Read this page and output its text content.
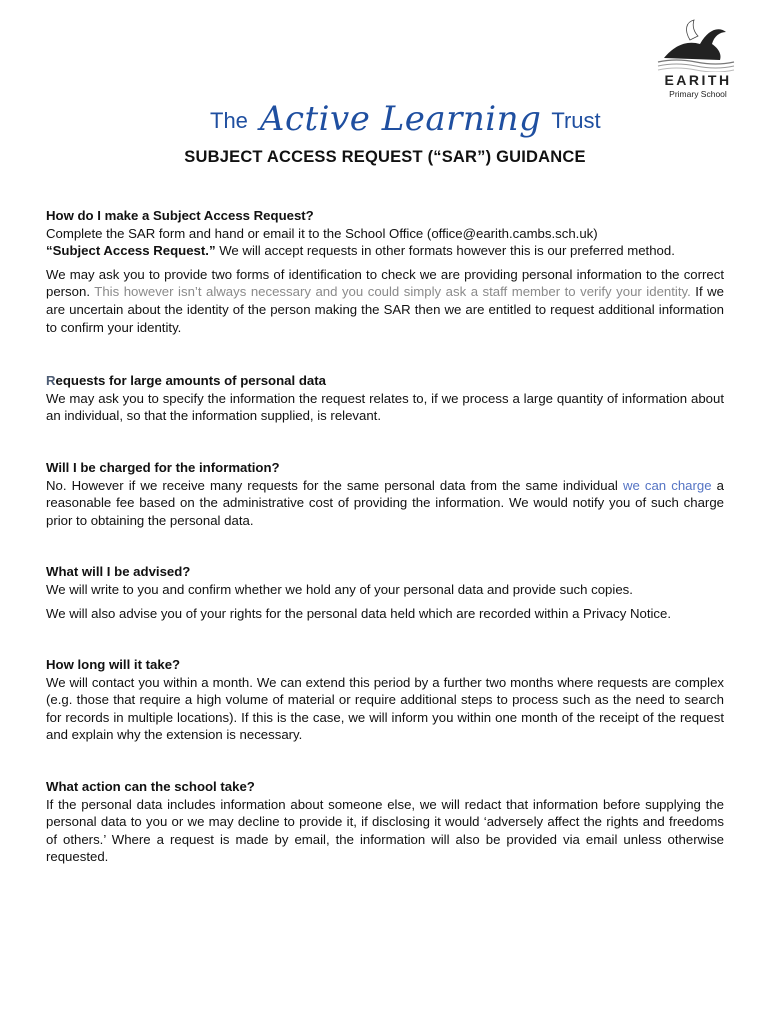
EARITH
Primary School
The Active Learning Trust
SUBJECT ACCESS REQUEST (“SAR”) GUIDANCE
How do I make a Subject Access Request?

Complete the SAR form and hand or email it to the School Office (office@earith.cambs.sch.uk)
“Subject Access Request.” We will accept requests in other formats however this is our preferred method.

We may ask you to provide two forms of identification to check we are providing personal information to the correct person. This however isn’t always necessary and you could simply ask a staff member to verify your identity. If we are uncertain about the identity of the person making the SAR then we are entitled to request additional information to confirm your identity.

Requests for large amounts of personal data

We may ask you to specify the information the request relates to, if we process a large quantity of information about an individual, so that the information supplied, is relevant.

Will I be charged for the information?

No. However if we receive many requests for the same personal data from the same individual we can charge a reasonable fee based on the administrative cost of providing the information. We would notify you of such charge prior to obtaining the personal data.

What will I be advised?

We will write to you and confirm whether we hold any of your personal data and provide such copies.

We will also advise you of your rights for the personal data held which are recorded within a Privacy Notice.

How long will it take?

We will contact you within a month. We can extend this period by a further two months where requests are complex (e.g. those that require a high volume of material or require additional steps to process such as the need to search for records in multiple locations). If this is the case, we will inform you within one month of the receipt of the request and explain why the extension is necessary.

What action can the school take?

If the personal data includes information about someone else, we will redact that information before supplying the personal data to you or we may decline to provide it, if disclosing it would ‘adversely affect the rights and freedoms of others.’ Where a request is made by email, the information will also be provided via email unless otherwise requested.
